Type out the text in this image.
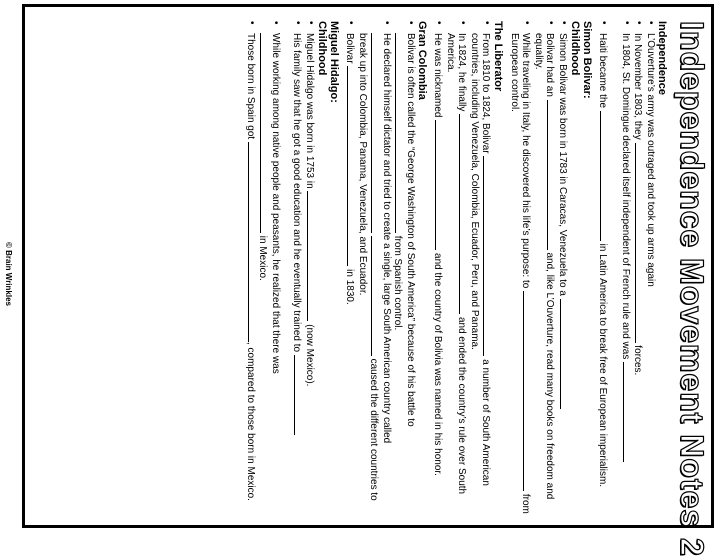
© Brain Wrinkles	Independence Movement Notes 2
Independence
•
L’Ouverture’s army was outraged and took up arms again
•
In November 1803, they  forces.
•
In 1804, St. Domingue declared itself independent of French rule and was
•
Haiti became the  in Latin America to break free of European imperialism.
Simon Bolivar:
Childhood
•
Simon Bolivar was born in 1783 in Caracas, Venezuela to a
•
Bolivar had an  and, like L’Ouverture, read many books on freedom and equality.
•
While traveling in Italy, he discovered his life’s purpose: to  from European control.
The Liberator
•
From 1810 to 1824, Bolivar  a number of South American countries, including Venezuela, Colombia, Ecuador, Peru, and Panama.
•
In 1824, he finally  and ended the country’s rule over South America.
•
He was nicknamed  and the country of Bolivia was named in his honor.
Gran Colombia
•
Bolivar is often called the “George Washington of South America” because of his battle to  from Spanish control.
•
He declared himself dictator and tried to create a single, large South American country called   caused the different countries to break up into Colombia, Panama, Venezuela, and Ecuador.
•
Bolivar  in 1830.
Miguel Hidalgo:
Childhood
•
Miguel Hidalgo was born in 1753 in  (now Mexico).
•
His family saw that he got a good education and he eventually trained to
•
While working among native people and peasants, he realized that there was  in Mexico.
•
Those born in Spain got , compared to those born in Mexico.
